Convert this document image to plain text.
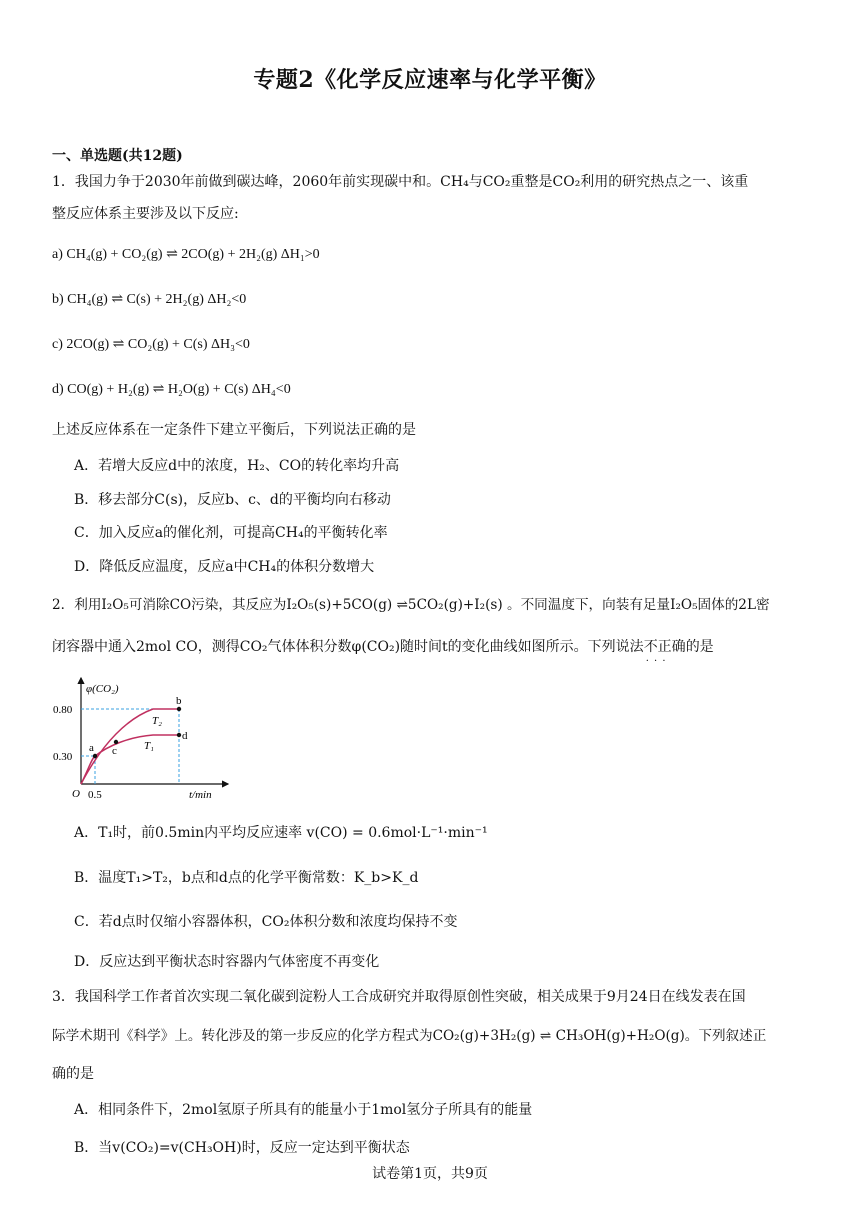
专题2《化学反应速率与化学平衡》
一、单选题(共12题)
1．我国力争于2030年前做到碳达峰，2060年前实现碳中和。CH₄与CO₂重整是CO₂利用的研究热点之一、该重
整反应体系主要涉及以下反应:
a) CH₄(g) + CO₂(g) ⇌ 2CO(g) + 2H₂(g) ΔH₁>0
b) CH₄(g) ⇌ C(s) + 2H₂(g) ΔH₂<0
c) 2CO(g) ⇌ CO₂(g) + C(s) ΔH₃<0
d) CO(g) + H₂(g) ⇌ H₂O(g) + C(s) ΔH₄<0
上述反应体系在一定条件下建立平衡后，下列说法正确的是
A．若增大反应d中的浓度，H₂、CO的转化率均升高
B．移去部分C(s)，反应b、c、d的平衡均向右移动
C．加入反应a的催化剂，可提高CH₄的平衡转化率
D．降低反应温度，反应a中CH₄的体积分数增大
2．利用I₂O₅可消除CO污染，其反应为I₂O₅(s)+5CO(g) ⇌5CO₂(g)+I₂(s) 。不同温度下，向装有足量I₂O₅固体的2L密
闭容器中通入2mol CO，测得CO₂气体体积分数φ(CO₂)随时间t的变化曲线如图所示。下列说法不正确 · · ·的是
φ(CO₂)
0.80
0.30
O 0.5	t/min
T₂
T₁
a
b
c
d
A．T₁时，前0.5min内平均反应速率 v(CO) = 0.6mol·L⁻¹·min⁻¹
B．温度T₁>T₂，b点和d点的化学平衡常数：K_b>K_d
C．若d点时仅缩小容器体积，CO₂体积分数和浓度均保持不变
D．反应达到平衡状态时容器内气体密度不再变化
3．我国科学工作者首次实现二氧化碳到淀粉人工合成研究并取得原创性突破，相关成果于9月24日在线发表在国
际学术期刊《科学》上。转化涉及的第一步反应的化学方程式为CO₂(g)+3H₂(g) ⇌ CH₃OH(g)+H₂O(g)。下列叙述正
确的是
A．相同条件下，2mol氢原子所具有的能量小于1mol氢分子所具有的能量
B．当v(CO₂)=v(CH₃OH)时，反应一定达到平衡状态
试卷第1页，共9页
